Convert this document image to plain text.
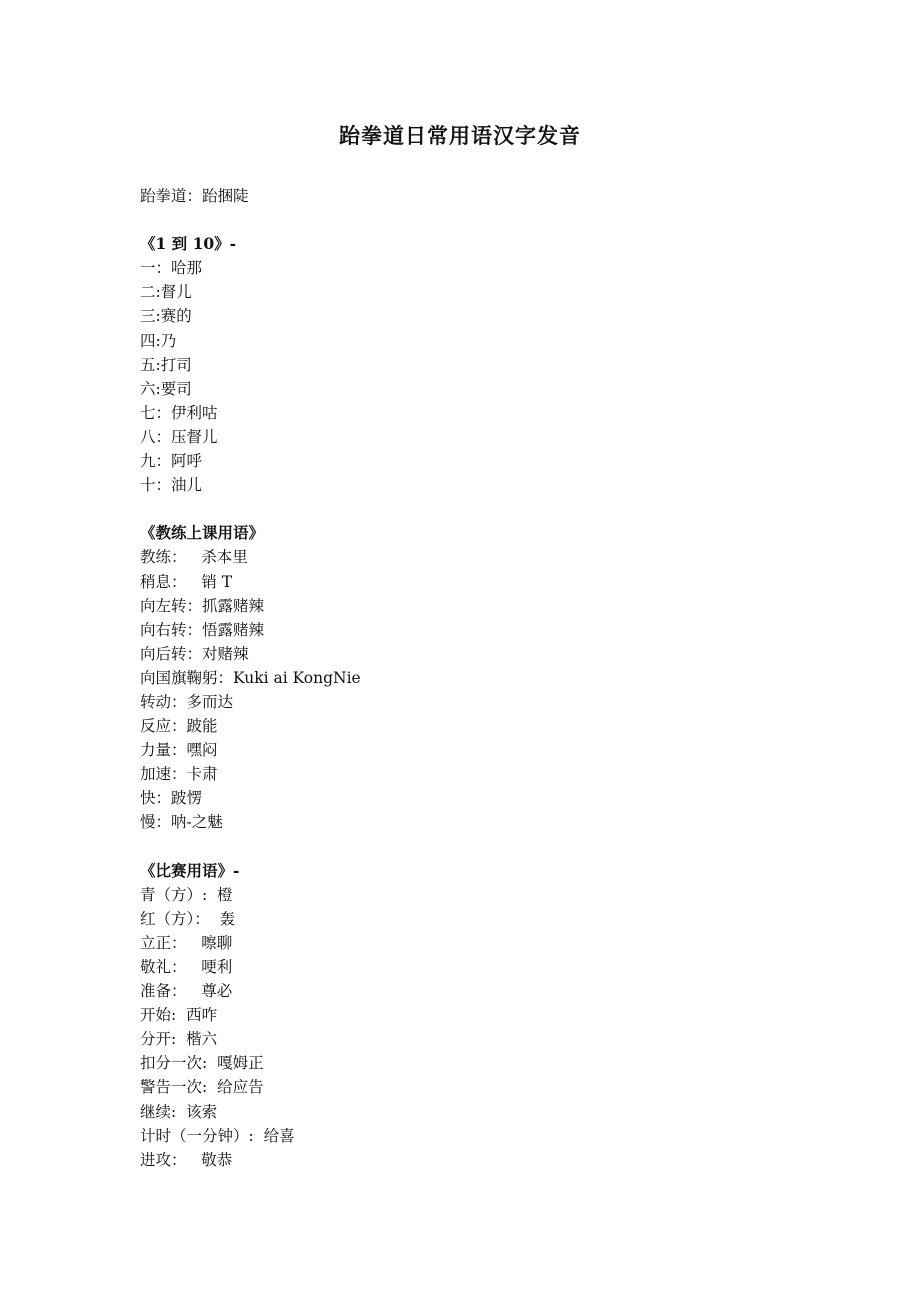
跆拳道日常用语汉字发音
跆拳道：跆捆陡
《1 到 10》-
一：哈那
二:督儿
三:赛的
四:乃
五:打司
六:要司
七：伊利咕
八：压督儿
九：阿呼
十：油儿
《教练上课用语》
教练：   杀本里
稍息：   销 T
向左转：抓露赌辣
向右转：悟露赌辣
向后转：对赌辣
向国旗鞠躬：Kuki ai KongNie
转动：多而达
反应：跛能
力量：嘿闷
加速：卡肃
快：跛愣
慢：呐-之魅
《比赛用语》-
青（方）:  橙
红（方）：  轰
立正：   嚓聊
敬礼：   哽利
准备：   尊必
开始:  西咋
分开:  楷六
扣分一次:  嘎姆正
警告一次:  给应告
继续:  该索
计时（一分钟）:  给喜
进攻：   敬恭
